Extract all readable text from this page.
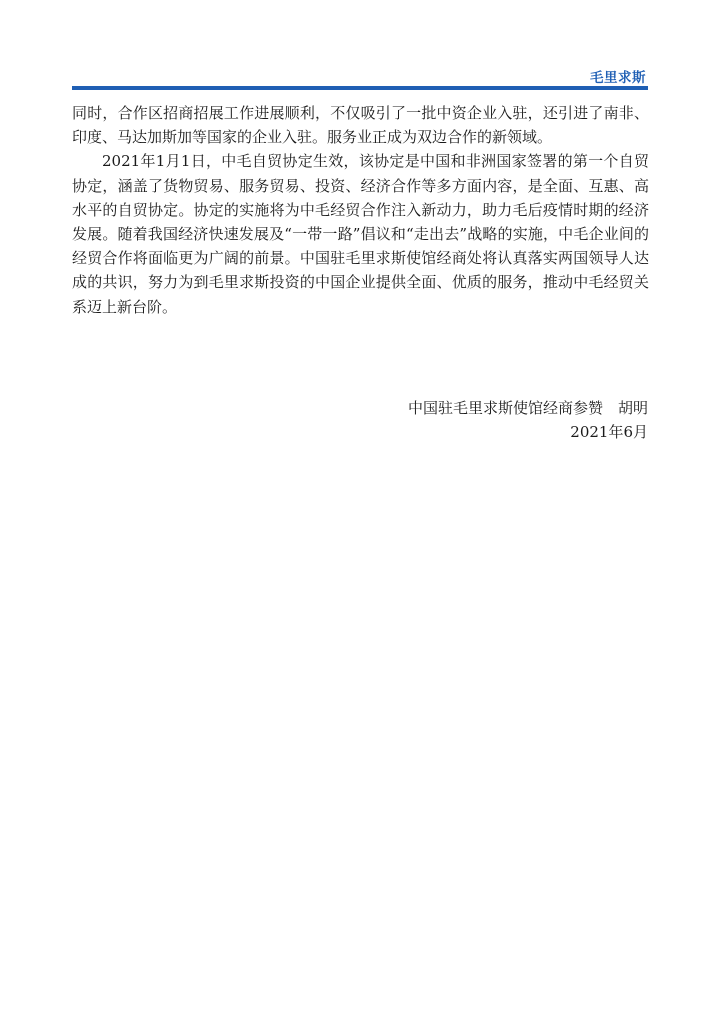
毛里求斯

同时，合作区招商招展工作进展顺利，不仅吸引了一批中资企业入驻，还引进了南非、印度、马达加斯加等国家的企业入驻。服务业正成为双边合作的新领域。

2021年1月1日，中毛自贸协定生效，该协定是中国和非洲国家签署的第一个自贸协定，涵盖了货物贸易、服务贸易、投资、经济合作等多方面内容，是全面、互惠、高水平的自贸协定。协定的实施将为中毛经贸合作注入新动力，助力毛后疫情时期的经济发展。随着我国经济快速发展及“一带一路”倡议和“走出去”战略的实施，中毛企业间的经贸合作将面临更为广阔的前景。中国驻毛里求斯使馆经商处将认真落实两国领导人达成的共识，努力为到毛里求斯投资的中国企业提供全面、优质的服务，推动中毛经贸关系迈上新台阶。

中国驻毛里求斯使馆经商参赞　胡明
2021年6月
